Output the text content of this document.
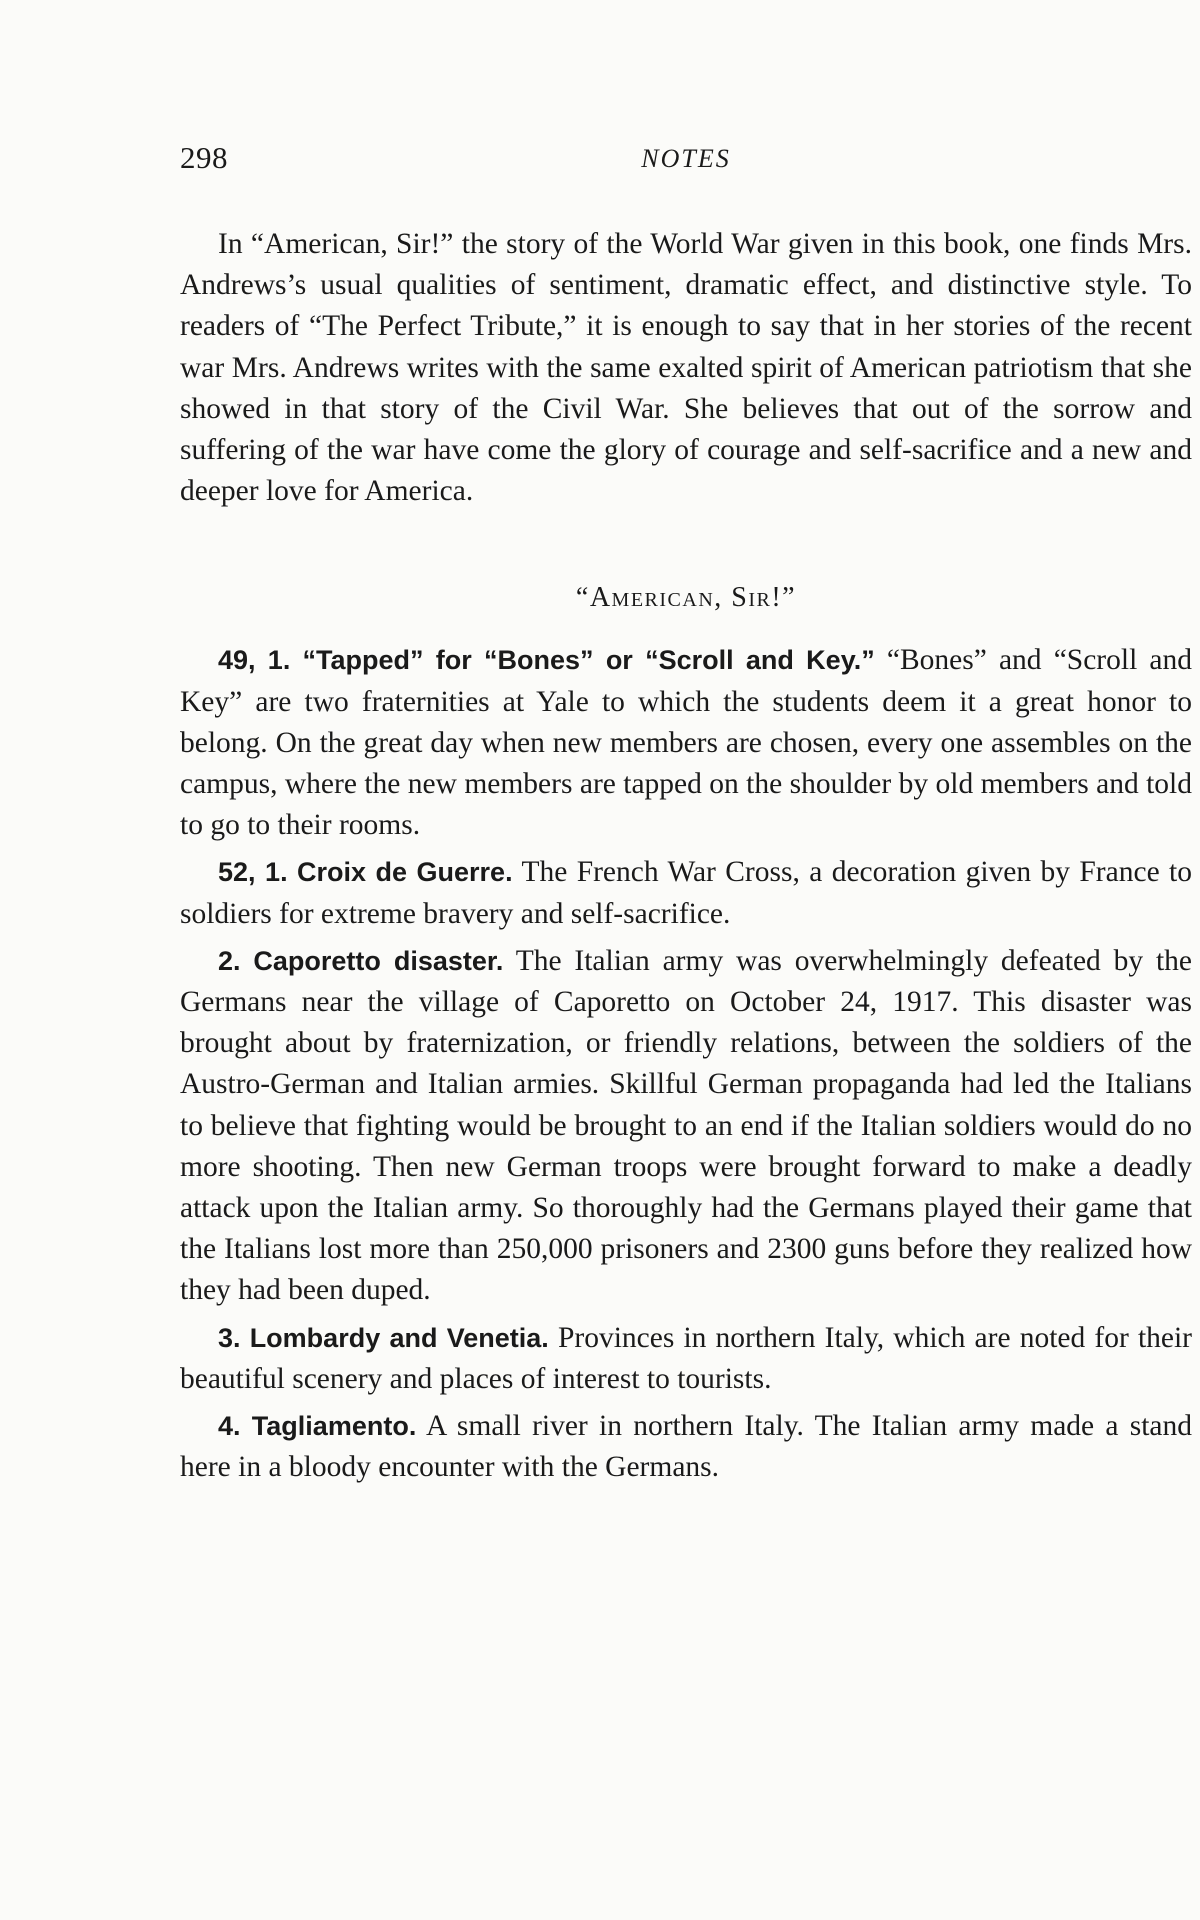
298	NOTES

In “American, Sir!” the story of the World War given in this book, one finds Mrs. Andrews’s usual qualities of sentiment, dramatic effect, and distinctive style. To readers of “The Perfect Tribute,” it is enough to say that in her stories of the recent war Mrs. Andrews writes with the same exalted spirit of American patriotism that she showed in that story of the Civil War. She believes that out of the sorrow and suffering of the war have come the glory of courage and self-sacrifice and a new and deeper love for America.

“American, Sir!”

49, 1. “Tapped” for “Bones” or “Scroll and Key.” “Bones” and “Scroll and Key” are two fraternities at Yale to which the students deem it a great honor to belong. On the great day when new members are chosen, every one assembles on the campus, where the new members are tapped on the shoulder by old members and told to go to their rooms.

52, 1. Croix de Guerre. The French War Cross, a decoration given by France to soldiers for extreme bravery and self-sacrifice.

2. Caporetto disaster. The Italian army was overwhelmingly defeated by the Germans near the village of Caporetto on October 24, 1917. This disaster was brought about by fraternization, or friendly relations, between the soldiers of the Austro-German and Italian armies. Skillful German propaganda had led the Italians to believe that fighting would be brought to an end if the Italian soldiers would do no more shooting. Then new German troops were brought forward to make a deadly attack upon the Italian army. So thoroughly had the Germans played their game that the Italians lost more than 250,000 prisoners and 2300 guns before they realized how they had been duped.

3. Lombardy and Venetia. Provinces in northern Italy, which are noted for their beautiful scenery and places of interest to tourists.

4. Tagliamento. A small river in northern Italy. The Italian army made a stand here in a bloody encounter with the Germans.
